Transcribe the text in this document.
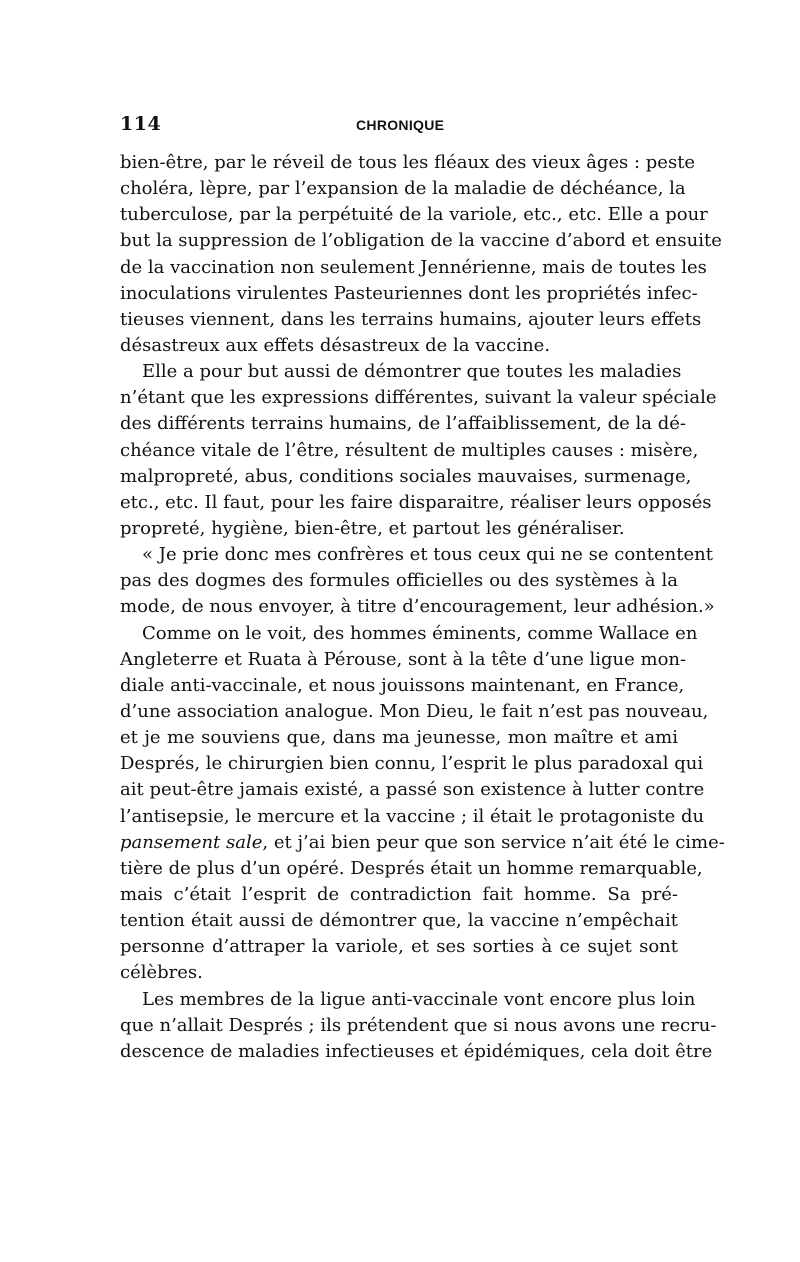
114	CHRONIQUE
bien-être, par le réveil de tous les fléaux des vieux âges : peste
choléra, lèpre, par l’expansion de la maladie de déchéance, la
tuberculose, par la perpétuité de la variole, etc., etc. Elle a pour
but la suppression de l’obligation de la vaccine d’abord et ensuite
de la vaccination non seulement Jennérienne, mais de toutes les
inoculations virulentes Pasteuriennes dont les propriétés infec-
tieuses viennent, dans les terrains humains, ajouter leurs effets
désastreux aux effets désastreux de la vaccine.
Elle a pour but aussi de démontrer que toutes les maladies
n’étant que les expressions différentes, suivant la valeur spéciale
des différents terrains humains, de l’affaiblissement, de la dé-
chéance vitale de l’être, résultent de multiples causes : misère,
malpropreté, abus, conditions sociales mauvaises, surmenage,
etc., etc. Il faut, pour les faire disparaitre, réaliser leurs opposés
propreté, hygiène, bien-être, et partout les généraliser.
« Je prie donc mes confrères et tous ceux qui ne se contentent
pas des dogmes des formules officielles ou des systèmes à la
mode, de nous envoyer, à titre d’encouragement, leur adhésion.»
Comme on le voit, des hommes éminents, comme Wallace en
Angleterre et Ruata à Pérouse, sont à la tête d’une ligue mon-
diale anti-vaccinale, et nous jouissons maintenant, en France,
d’une association analogue. Mon Dieu, le fait n’est pas nouveau,
et je me souviens que, dans ma jeunesse, mon maître et ami
Després, le chirurgien bien connu, l’esprit le plus paradoxal qui
ait peut-être jamais existé, a passé son existence à lutter contre
l’antisepsie, le mercure et la vaccine ; il était le protagoniste du
pansement sale, et j’ai bien peur que son service n’ait été le cime-
tière de plus d’un opéré. Després était un homme remarquable,
mais c’était l’esprit de contradiction fait homme. Sa pré-
tention était aussi de démontrer que, la vaccine n’empêchait
personne d’attraper la variole, et ses sorties à ce sujet sont
célèbres.
Les membres de la ligue anti-vaccinale vont encore plus loin
que n’allait Després ; ils prétendent que si nous avons une recru-
descence de maladies infectieuses et épidémiques, cela doit être
